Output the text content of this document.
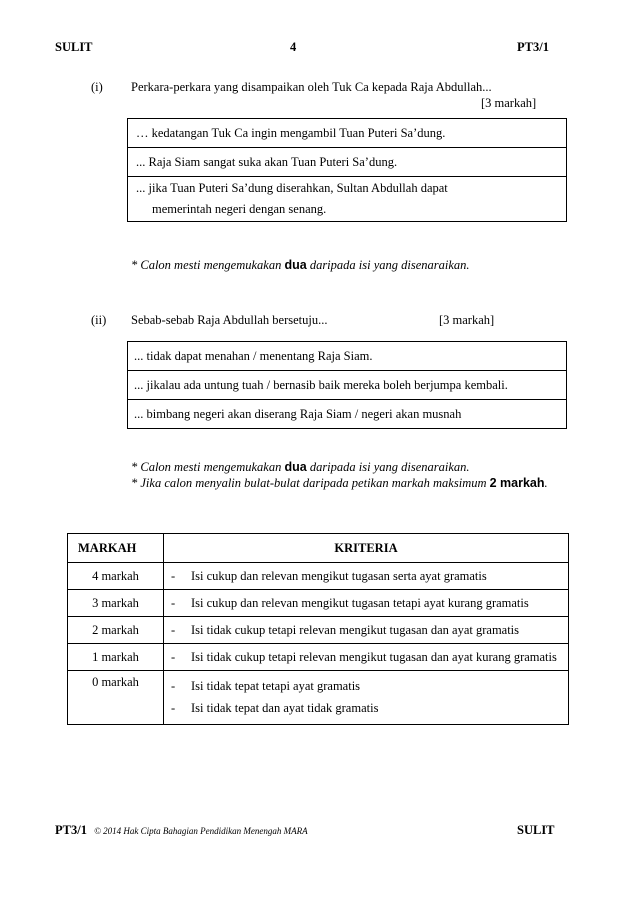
SULIT	4	PT3/1
(i) Perkara-perkara yang disampaikan oleh Tuk Ca kepada Raja Abdullah...
[3 markah]
… kedatangan Tuk Ca ingin mengambil Tuan Puteri Sa’dung.
... Raja Siam sangat suka akan Tuan Puteri Sa’dung.
... jika Tuan Puteri Sa’dung diserahkan, Sultan Abdullah dapat
memerintah negeri dengan senang.
* Calon mesti mengemukakan dua daripada isi yang disenaraikan.
(ii) Sebab-sebab Raja Abdullah bersetuju...	[3 markah]
... tidak dapat menahan / menentang Raja Siam.
... jikalau ada untung tuah / bernasib baik mereka boleh berjumpa kembali.
... bimbang negeri akan diserang Raja Siam / negeri akan musnah
* Calon mesti mengemukakan dua daripada isi yang disenaraikan.
* Jika calon menyalin bulat-bulat daripada petikan markah maksimum 2 markah.
MARKAH	KRITERIA
4 markah	- Isi cukup dan relevan mengikut tugasan serta ayat gramatis
3 markah	- Isi cukup dan relevan mengikut tugasan tetapi ayat kurang gramatis
2 markah	- Isi tidak cukup tetapi relevan mengikut tugasan dan ayat gramatis
1 markah	- Isi tidak cukup tetapi relevan mengikut tugasan dan ayat kurang gramatis
0 markah	- Isi tidak tepat tetapi ayat gramatis
- Isi tidak tepat dan ayat tidak gramatis
PT3/1 © 2014 Hak Cipta Bahagian Pendidikan Menengah MARA	SULIT
